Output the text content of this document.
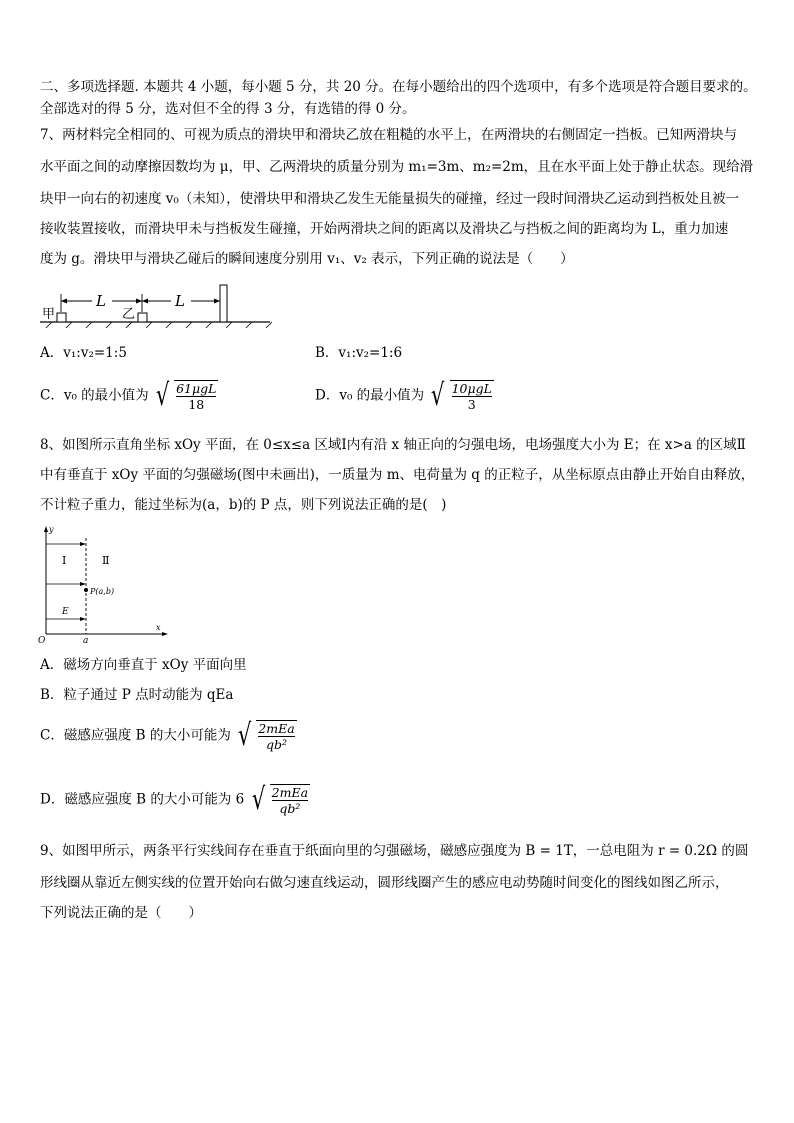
二、多项选择题. 本题共 4 小题，每小题 5 分，共 20 分。在每小题给出的四个选项中，有多个选项是符合题目要求的。
全部选对的得 5 分，选对但不全的得 3 分，有选错的得 0 分。
7、两材料完全相同的、可视为质点的滑块甲和滑块乙放在粗糙的水平上，在两滑块的右侧固定一挡板。已知两滑块与
水平面之间的动摩擦因数均为 μ，甲、乙两滑块的质量分别为 m₁=3m、m₂=2m，且在水平面上处于静止状态。现给滑
块甲一向右的初速度 v₀（未知），使滑块甲和滑块乙发生无能量损失的碰撞，经过一段时间滑块乙运动到挡板处且被一
接收装置接收，而滑块甲未与挡板发生碰撞，开始两滑块之间的距离以及滑块乙与挡板之间的距离均为 L，重力加速
度为 g。滑块甲与滑块乙碰后的瞬间速度分别用 v₁、v₂ 表示，下列正确的说法是（　　）
甲	乙
L	L
A．v₁:v₂=1:5	B．v₁:v₂=1:6
C．v₀ 的最小值为 √ $\frac{\text{61μgL}}{18}$	D．v₀ 的最小值为 √ $\frac{\text{10μgL}}{3}$
8、如图所示直角坐标 xOy 平面，在 0≤x≤a 区域Ⅰ内有沿 x 轴正向的匀强电场，电场强度大小为 E；在 x>a 的区域Ⅱ
中有垂直于 xOy 平面的匀强磁场(图中未画出)，一质量为 m、电荷量为 q 的正粒子，从坐标原点由静止开始自由释放，
不计粒子重力，能过坐标为(a，b)的 P 点，则下列说法正确的是(　)
y
x
O	a
Ⅰ	Ⅱ
P(a,b)
E
A．磁场方向垂直于 xOy 平面向里
B．粒子通过 P 点时动能为 qEa
C．磁感应强度 B 的大小可能为 √ $\frac{\text{2mEa}}{\text{qb²}}$
D．磁感应强度 B 的大小可能为 6 √ $\frac{\text{2mEa}}{\text{qb²}}$
9、如图甲所示，两条平行实线间存在垂直于纸面向里的匀强磁场，磁感应强度为 B = 1T，一总电阻为 r = 0.2Ω 的圆
形线圈从靠近左侧实线的位置开始向右做匀速直线运动，圆形线圈产生的感应电动势随时间变化的图线如图乙所示，
下列说法正确的是（　　）
